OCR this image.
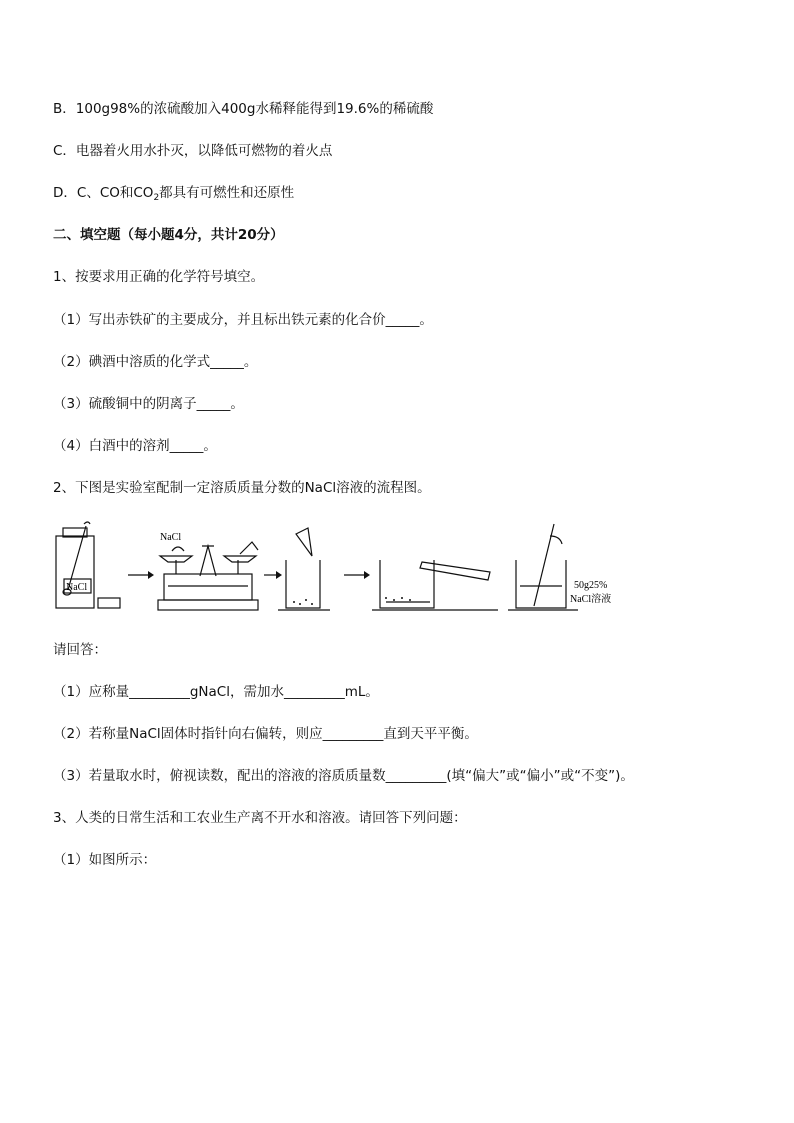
B．100g98%的浓硫酸加入400g水稀释能得到19.6%的稀硫酸
C．电器着火用水扑灭，以降低可燃物的着火点
D．C、CO和$CO_2$都具有可燃性和还原性
二、填空题（每小题4分，共计20分）
1、按要求用正确的化学符号填空。
（1）写出赤铁矿的主要成分，并且标出铁元素的化合价_____。
（2）碘酒中溶质的化学式_____。
（3）硫酸铜中的阴离子_____。
（4）白酒中的溶剂_____。
2、下图是实验室配制一定溶质质量分数的NaCl溶液的流程图。
NaCl
NaCl
50g25%
NaCl溶液
请回答：
（1）应称量_________gNaCl，需加水_________mL。
（2）若称量NaCl固体时指针向右偏转，则应_________直到天平平衡。
（3）若量取水时，俯视读数，配出的溶液的溶质质量数_________(填“偏大”或“偏小”或“不变”)。
3、人类的日常生活和工农业生产离不开水和溶液。请回答下列问题：
（1）如图所示：
